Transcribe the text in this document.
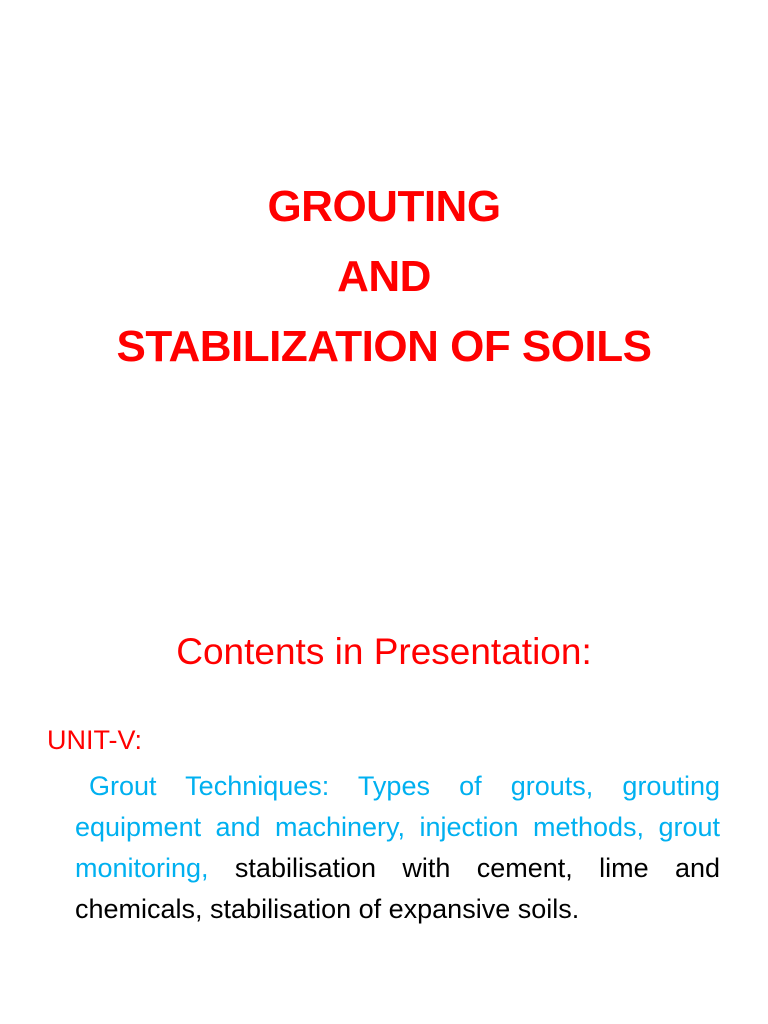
GROUTING
AND
STABILIZATION OF SOILS
Contents in Presentation:
UNIT-V:
Grout Techniques: Types of grouts, grouting equipment and machinery, injection methods, grout monitoring, stabilisation with cement, lime and chemicals, stabilisation of expansive soils.
